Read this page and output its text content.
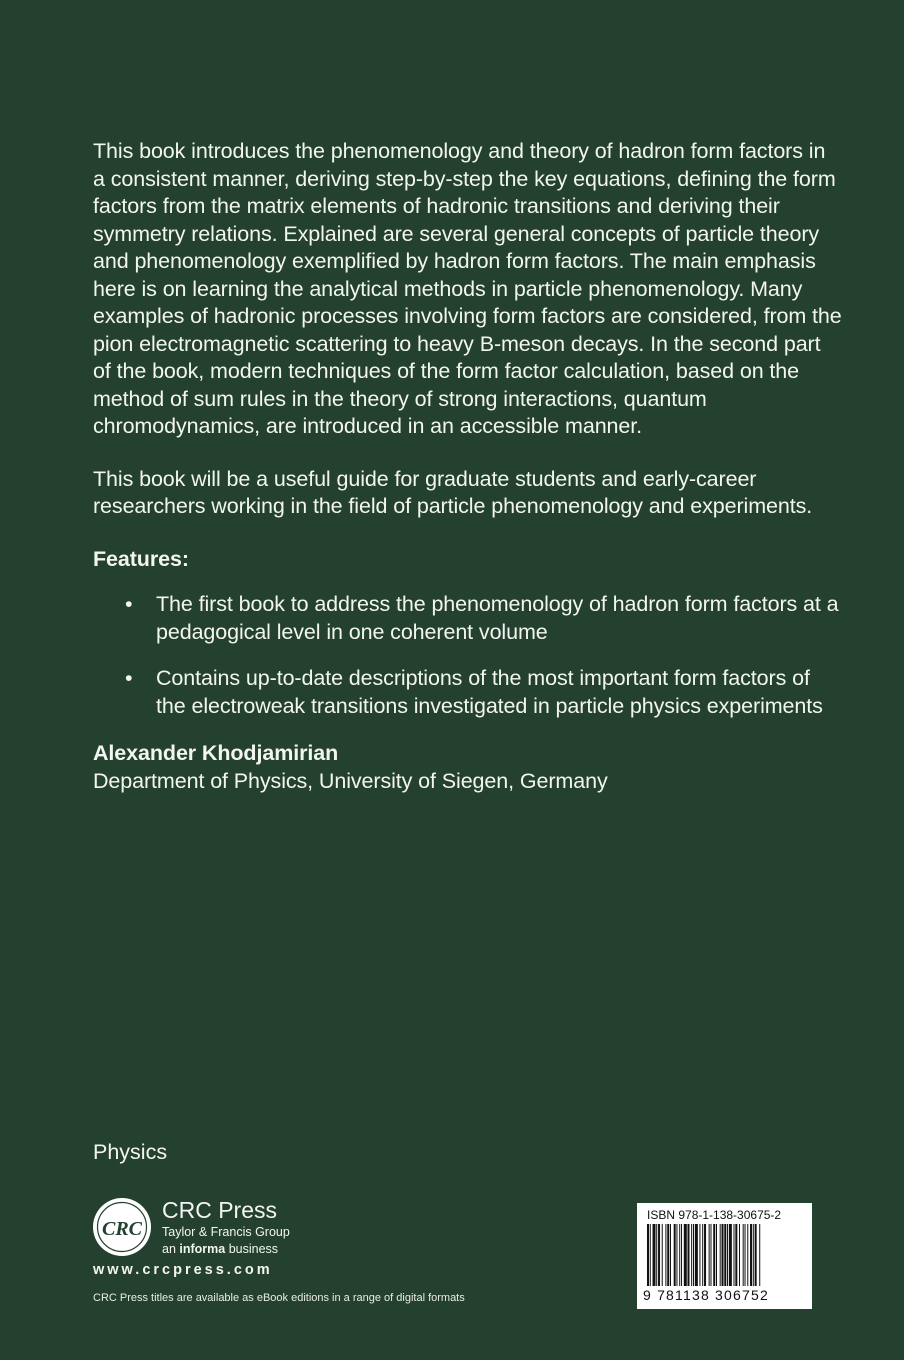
This book introduces the phenomenology and theory of hadron form factors in a consistent manner, deriving step-by-step the key equations, defining the form factors from the matrix elements of hadronic transitions and deriving their symmetry relations. Explained are several general concepts of particle theory and phenomenology exemplified by hadron form factors. The main emphasis here is on learning the analytical methods in particle phenomenology. Many examples of hadronic processes involving form factors are considered, from the pion electromagnetic scattering to heavy B-meson decays. In the second part of the book, modern techniques of the form factor calculation, based on the method of sum rules in the theory of strong interactions, quantum chromodynamics, are introduced in an accessible manner.

This book will be a useful guide for graduate students and early-career researchers working in the field of particle phenomenology and experiments.

Features:
• The first book to address the phenomenology of hadron form factors at a pedagogical level in one coherent volume
• Contains up-to-date descriptions of the most important form factors of the electroweak transitions investigated in particle physics experiments
Alexander Khodjamirian
Department of Physics, University of Siegen, Germany
Physics
CRC
CRC Press
Taylor & Francis Group
an informa business
www.crcpress.com
CRC Press titles are available as eBook editions in a range of digital formats
ISBN 978-1-138-30675-2
9 781138 306752
